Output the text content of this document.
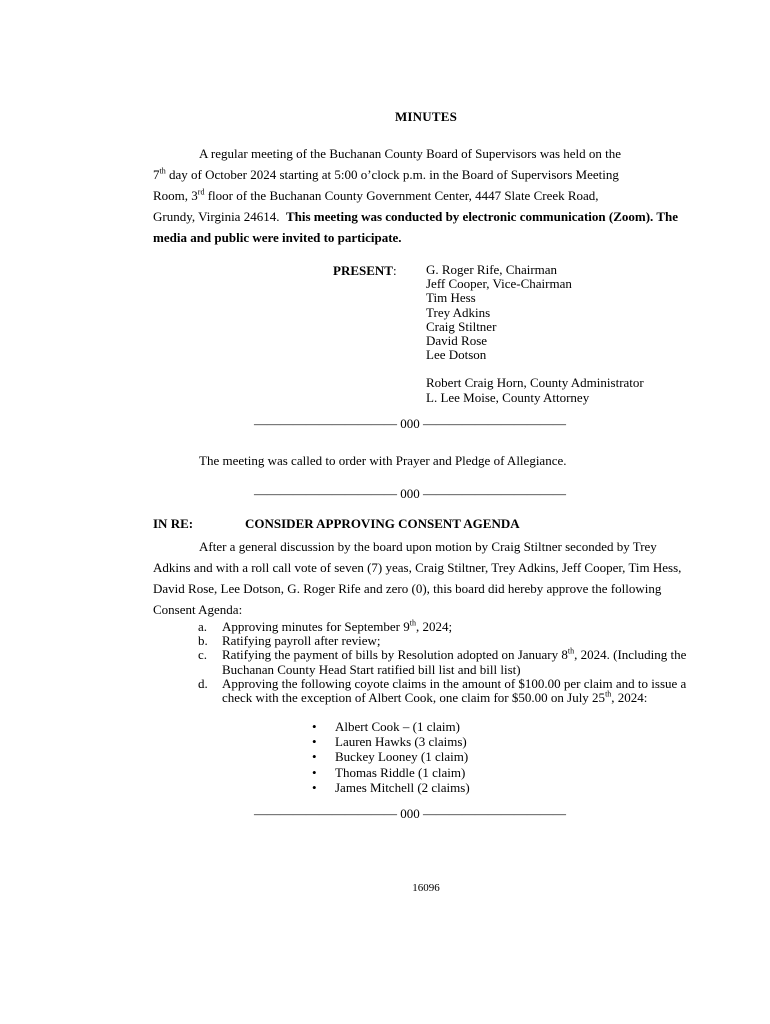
MINUTES
A regular meeting of the Buchanan County Board of Supervisors was held on the
7th day of October 2024 starting at 5:00 o’clock p.m. in the Board of Supervisors Meeting
Room, 3rd floor of the Buchanan County Government Center, 4447 Slate Creek Road,
Grundy, Virginia 24614. This meeting was conducted by electronic communication (Zoom). The media and public were invited to participate.
PRESENT: G. Roger Rife, Chairman
Jeff Cooper, Vice-Chairman
Tim Hess
Trey Adkins
Craig Stiltner
David Rose
Lee Dotson
Robert Craig Horn, County Administrator
L. Lee Moise, County Attorney
——————————— 000 ———————————
The meeting was called to order with Prayer and Pledge of Allegiance.
——————————— 000 ———————————
IN RE:	CONSIDER APPROVING CONSENT AGENDA
After a general discussion by the board upon motion by Craig Stiltner seconded by Trey Adkins and with a roll call vote of seven (7) yeas, Craig Stiltner, Trey Adkins, Jeff Cooper, Tim Hess, David Rose, Lee Dotson, G. Roger Rife and zero (0), this board did hereby approve the following Consent Agenda:
a.	Approving minutes for September 9th, 2024;
b.	Ratifying payroll after review;
c.	Ratifying the payment of bills by Resolution adopted on January 8th, 2024. (Including the Buchanan County Head Start ratified bill list and bill list)
d.	Approving the following coyote claims in the amount of $100.00 per claim and to issue a check with the exception of Albert Cook, one claim for $50.00 on July 25th, 2024:
•	Albert Cook – (1 claim)
•	Lauren Hawks (3 claims)
•	Buckey Looney (1 claim)
•	Thomas Riddle (1 claim)
•	James Mitchell (2 claims)
——————————— 000 ———————————
16096
